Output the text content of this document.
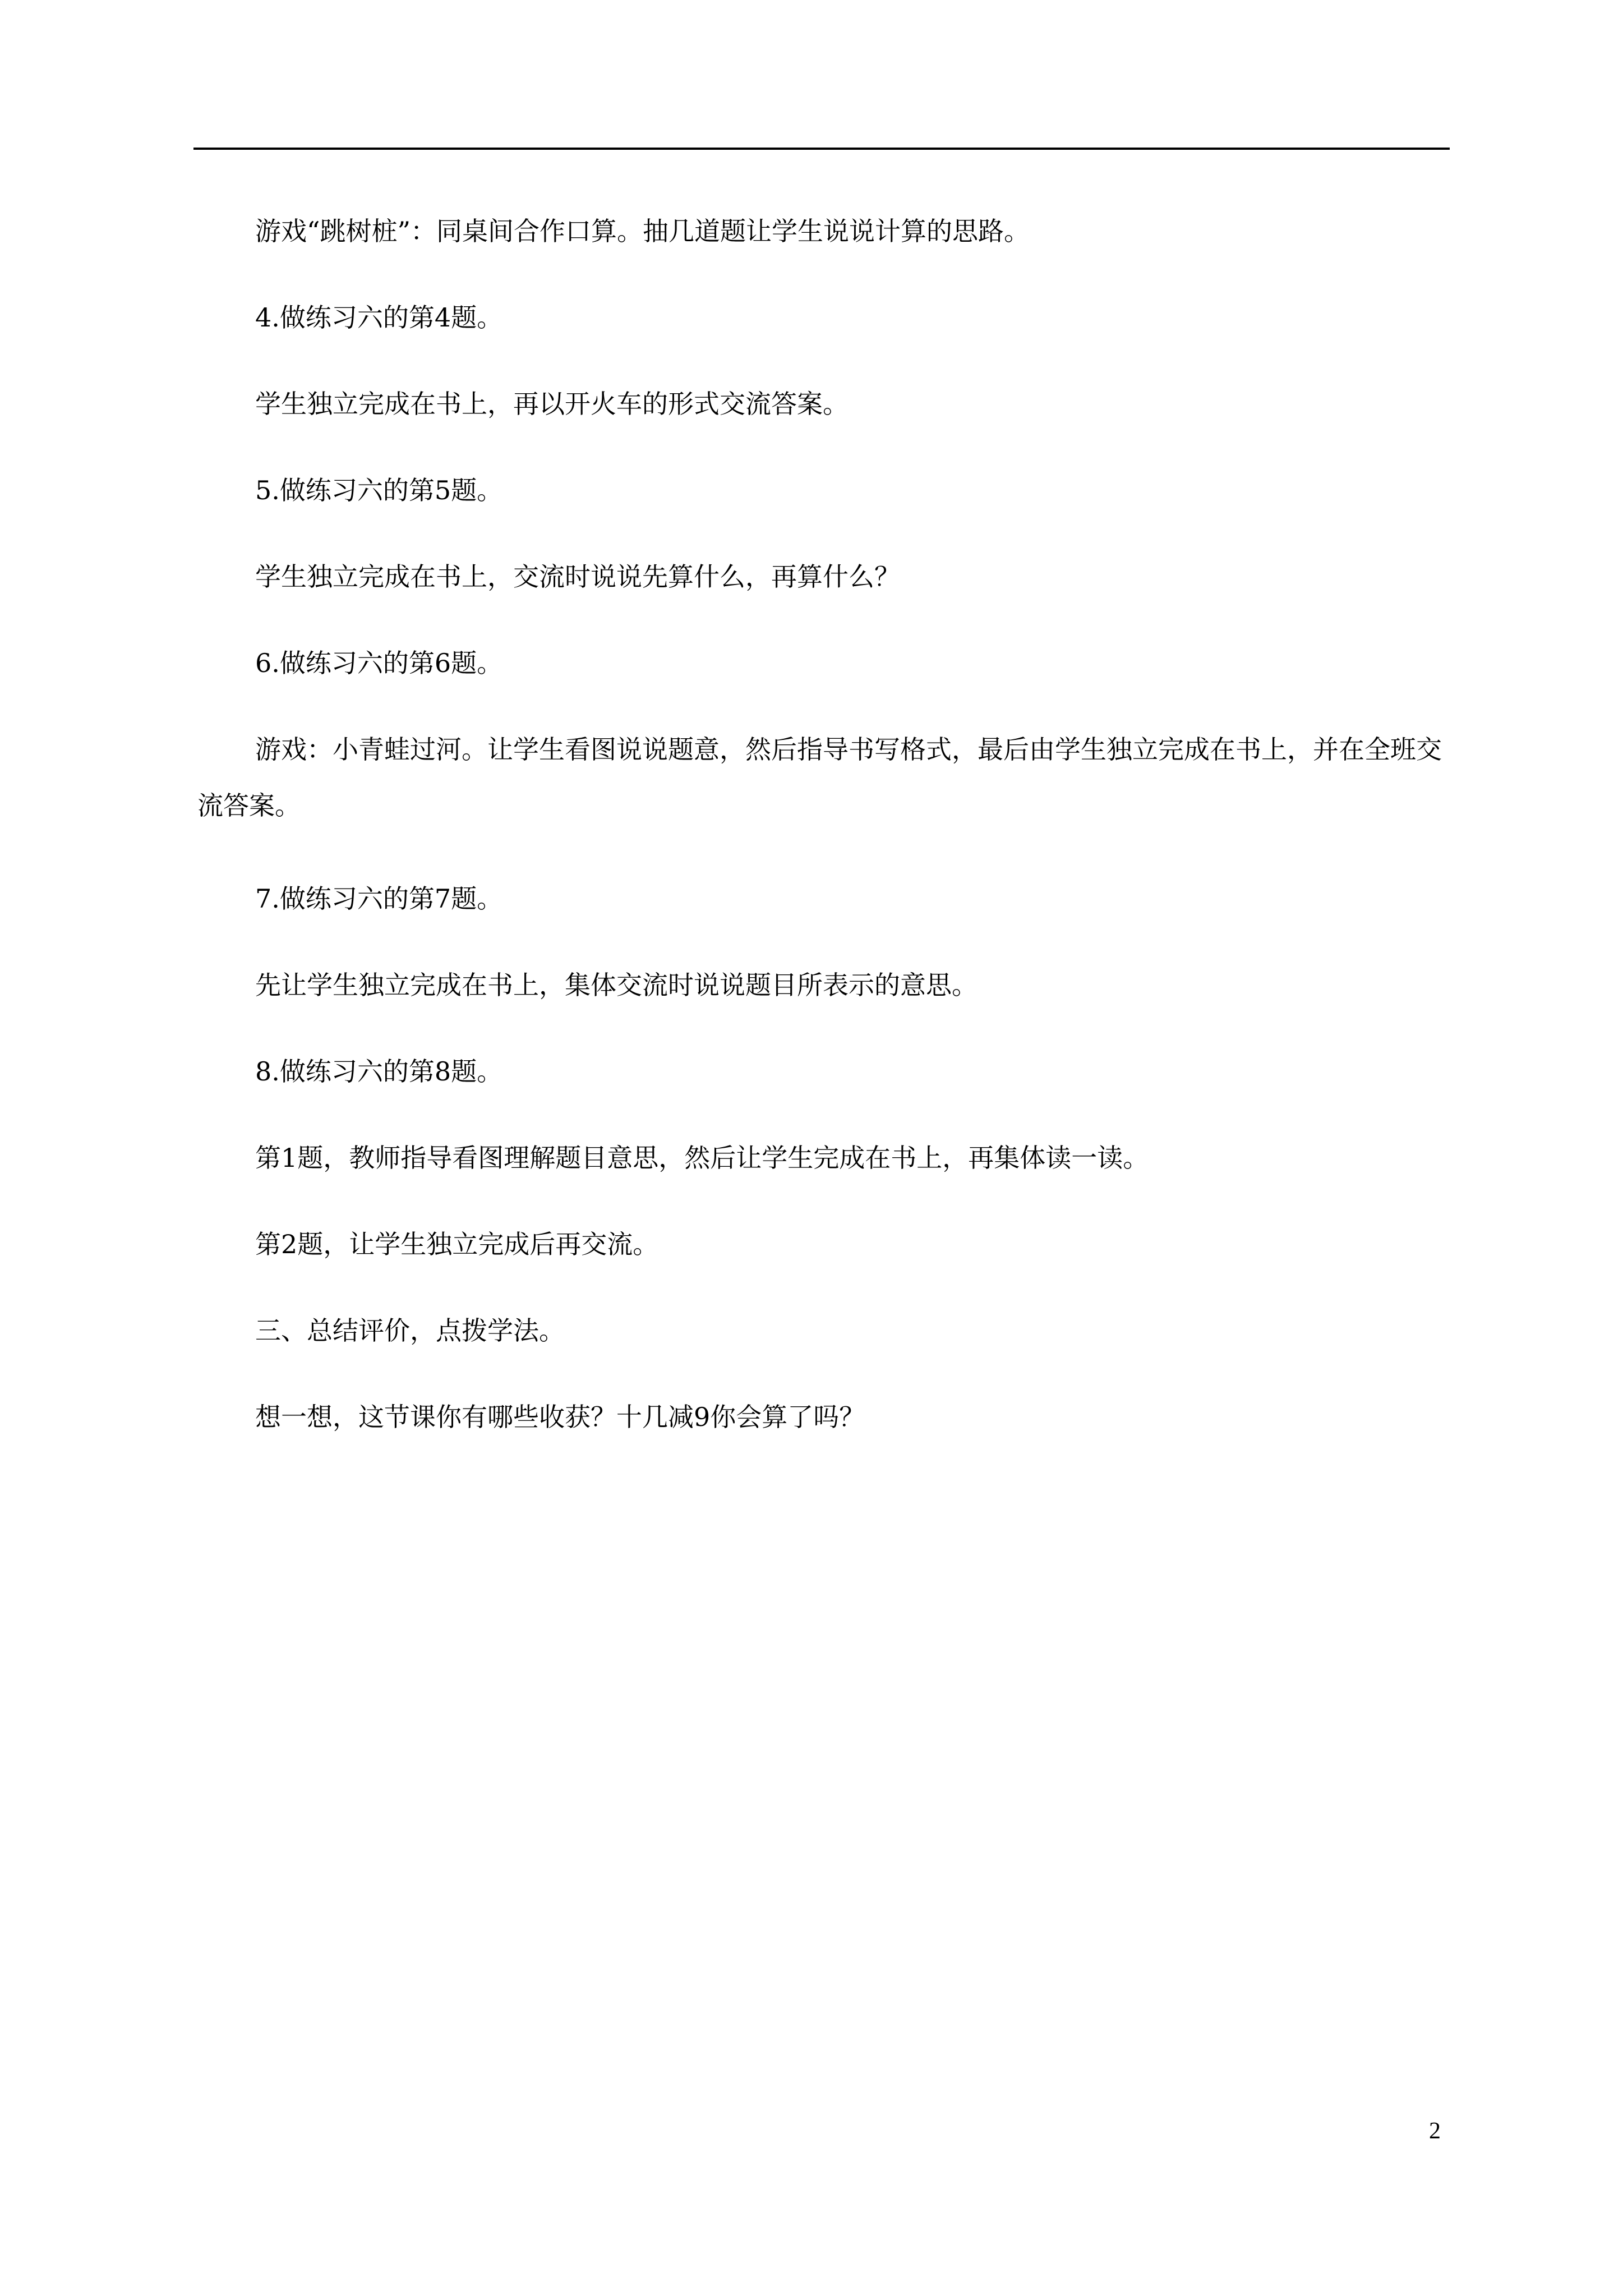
游戏“跳树桩”：同桌间合作口算。抽几道题让学生说说计算的思路。

4.做练习六的第4题。

学生独立完成在书上，再以开火车的形式交流答案。

5.做练习六的第5题。

学生独立完成在书上，交流时说说先算什么，再算什么？

6.做练习六的第6题。

游戏：小青蛙过河。让学生看图说说题意，然后指导书写格式，最后由学生独立完成在书上，并在全班交流答案。

7.做练习六的第7题。

先让学生独立完成在书上，集体交流时说说题目所表示的意思。

8.做练习六的第8题。

第1题，教师指导看图理解题目意思，然后让学生完成在书上，再集体读一读。

第2题，让学生独立完成后再交流。

三、总结评价，点拨学法。

想一想，这节课你有哪些收获？十几减9你会算了吗？

2
